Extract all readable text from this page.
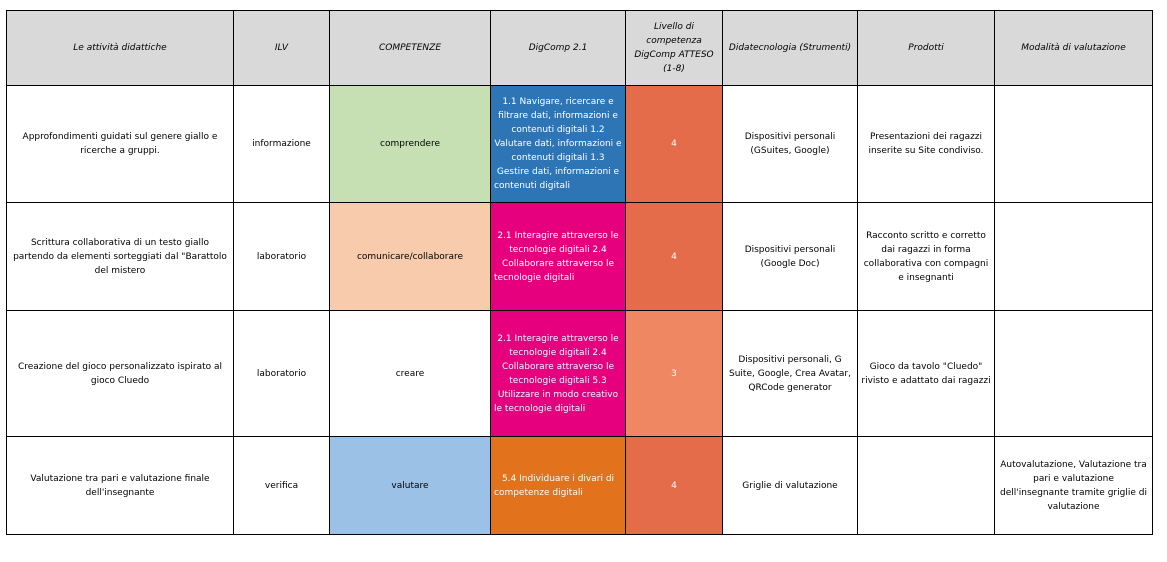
Le attività didattiche	ILV	COMPETENZE	DigComp 2.1	Livello di competenza DigComp ATTESO (1-8)	Didatecnologia (Strumenti)	Prodotti	Modalità di valutazione
Approfondimenti guidati sul genere giallo e ricerche a gruppi.	informazione	comprendere	1.1 Navigare, ricercare e filtrare dati, informazioni e contenuti digitali 1.2 Valutare dati, informazioni e contenuti digitali 1.3 Gestire dati, informazioni e contenuti digitali	4	Dispositivi personali (GSuites, Google)	Presentazioni dei ragazzi inserite su Site condiviso.	
Scrittura collaborativa di un testo giallo partendo da elementi sorteggiati dal "Barattolo del mistero	laboratorio	comunicare/collaborare	2.1 Interagire attraverso le tecnologie digitali 2.4 Collaborare attraverso le tecnologie digitali	4	Dispositivi personali (Google Doc)	Racconto scritto e corretto dai ragazzi in forma collaborativa con compagni e insegnanti	
Creazione del gioco personalizzato ispirato al gioco Cluedo	laboratorio	creare	2.1 Interagire attraverso le tecnologie digitali 2.4 Collaborare attraverso le tecnologie digitali 5.3 Utilizzare in modo creativo le tecnologie digitali	3	Dispositivi personali, G Suite, Google, Crea Avatar, QRCode generator	Gioco da tavolo "Cluedo" rivisto e adattato dai ragazzi	
Valutazione tra pari e valutazione finale dell'insegnante	verifica	valutare	5.4 Individuare i divari di competenze digitali	4	Griglie di valutazione		Autovalutazione, Valutazione tra pari e valutazione dell'insegnante tramite griglie di valutazione
